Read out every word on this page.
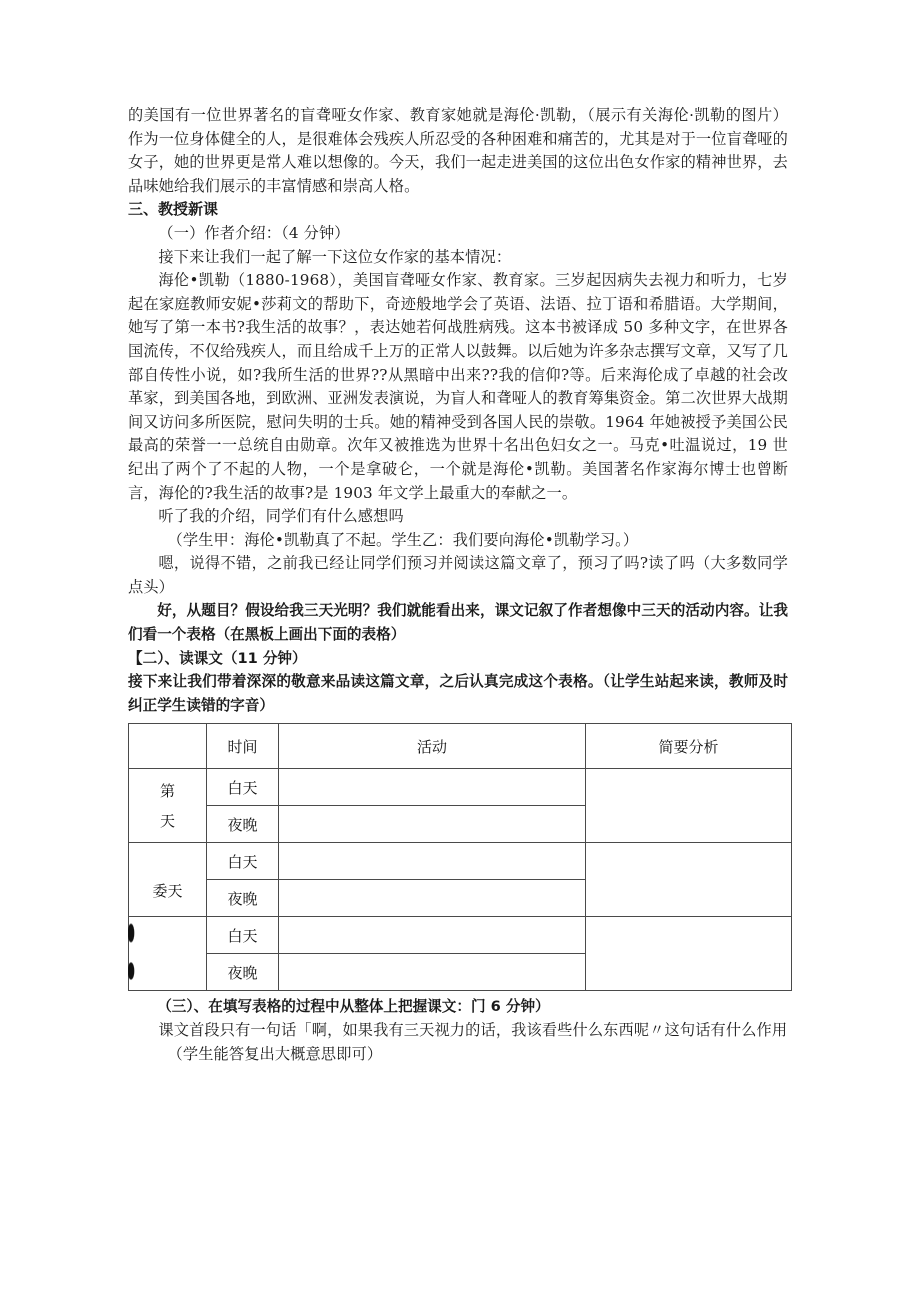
的美国有一位世界著名的盲聋哑女作家、教育家她就是海伦·凯勒，（展示有关海伦·凯勒的图片）作为一位身体健全的人，是很难体会残疾人所忍受的各种困难和痛苦的，尤其是对于一位盲聋哑的女子，她的世界更是常人难以想像的。今天，我们一起走进美国的这位出色女作家的精神世界，去品味她给我们展示的丰富情感和崇高人格。

三、教授新课

（一）作者介绍：（4 分钟）

接下来让我们一起了解一下这位女作家的基本情况：

海伦•凯勒（1880-1968），美国盲聋哑女作家、教育家。三岁起因病失去视力和听力，七岁起在家庭教师安妮•莎莉文的帮助下，奇迹般地学会了英语、法语、拉丁语和希腊语。大学期间，她写了第一本书?我生活的故事？，表达她若何战胜病残。这本书被译成 50 多种文字，在世界各国流传，不仅给残疾人，而且给成千上万的正常人以鼓舞。以后她为许多杂志撰写文章，又写了几部自传性小说，如?我所生活的世界??从黑暗中出来??我的信仰?等。后来海伦成了卓越的社会改革家，到美国各地，到欧洲、亚洲发表演说，为盲人和聋哑人的教育筹集资金。第二次世界大战期间又访问多所医院，慰问失明的士兵。她的精神受到各国人民的崇敬。1964 年她被授予美国公民最高的荣誉一一总统自由勋章。次年又被推选为世界十名出色妇女之一。马克•吐温说过，19 世纪出了两个了不起的人物，一个是拿破仑，一个就是海伦•凯勒。美国著名作家海尔博士也曾断言，海伦的?我生活的故事?是 1903 年文学上最重大的奉献之一。

听了我的介绍，同学们有什么感想吗

（学生甲：海伦•凯勒真了不起。学生乙：我们要向海伦•凯勒学习。）

嗯，说得不错，之前我已经让同学们预习并阅读这篇文章了，预习了吗?读了吗（大多数同学点头）

好，从题目？假设给我三天光明？我们就能看出来，课文记叙了作者想像中三天的活动内容。让我们看一个表格（在黑板上画出下面的表格）

【二）、读课文（11 分钟）

接下来让我们带着深深的敬意来品读这篇文章，之后认真完成这个表格。（让学生站起来读，教师及时纠正学生读错的字音）

	时间	活动	简要分析

第
天	白天		
	夜晚		

委天	白天		
	夜晚		

	白天		
	夜晚		

（三）、在填写表格的过程中从整体上把握课文：门 6 分钟）

课文首段只有一句话「啊，如果我有三天视力的话，我该看些什么东西呢〃这句话有什么作用

（学生能答复出大概意思即可）
